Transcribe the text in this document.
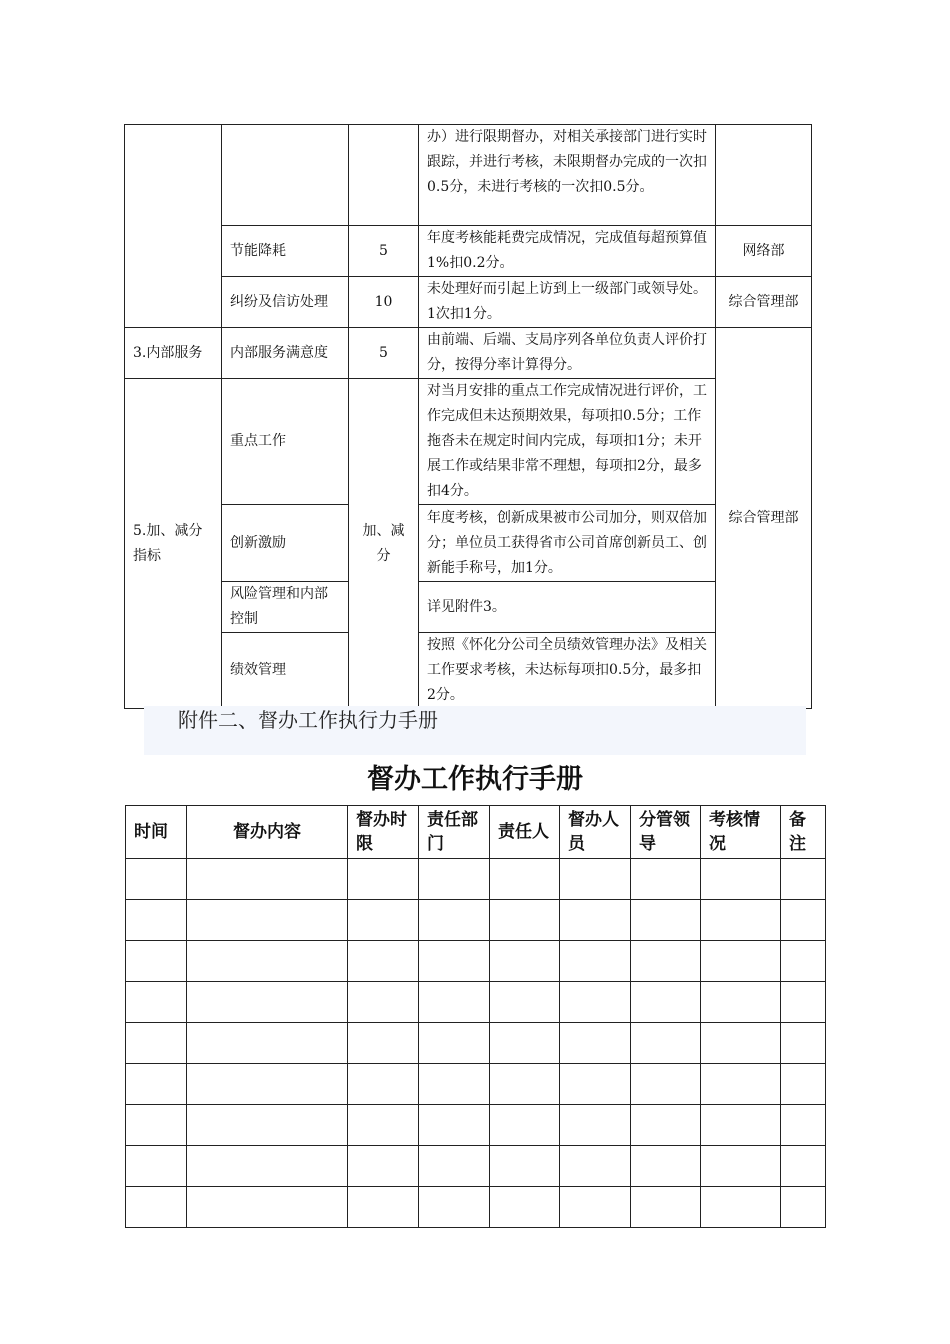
			办）进行限期督办，对相关承接部门进行实时跟踪，并进行考核，未限期督办完成的一次扣0.5分，未进行考核的一次扣0.5分。	
	节能降耗	5	年度考核能耗费完成情况，完成值每超预算值1%扣0.2分。	网络部
	纠纷及信访处理	10	未处理好而引起上访到上一级部门或领导处。1次扣1分。	综合管理部
3.内部服务	内部服务满意度	5	由前端、后端、支局序列各单位负责人评价打分，按得分率计算得分。	综合管理部
5.加、减分指标	重点工作	加、减分	对当月安排的重点工作完成情况进行评价，工作完成但未达预期效果，每项扣0.5分；工作拖沓未在规定时间内完成，每项扣1分；未开展工作或结果非常不理想，每项扣2分，最多扣4分。	
	创新激励		年度考核，创新成果被市公司加分，则双倍加分；单位员工获得省市公司首席创新员工、创新能手称号，加1分。	
	风险管理和内部控制		详见附件3。	
	绩效管理		按照《怀化分公司全员绩效管理办法》及相关工作要求考核，未达标每项扣0.5分，最多扣2分。	
附件二、督办工作执行力手册
督办工作执行手册
时间	督办内容	督办时限	责任部门	责任人	督办人员	分管领导	考核情况	备注
